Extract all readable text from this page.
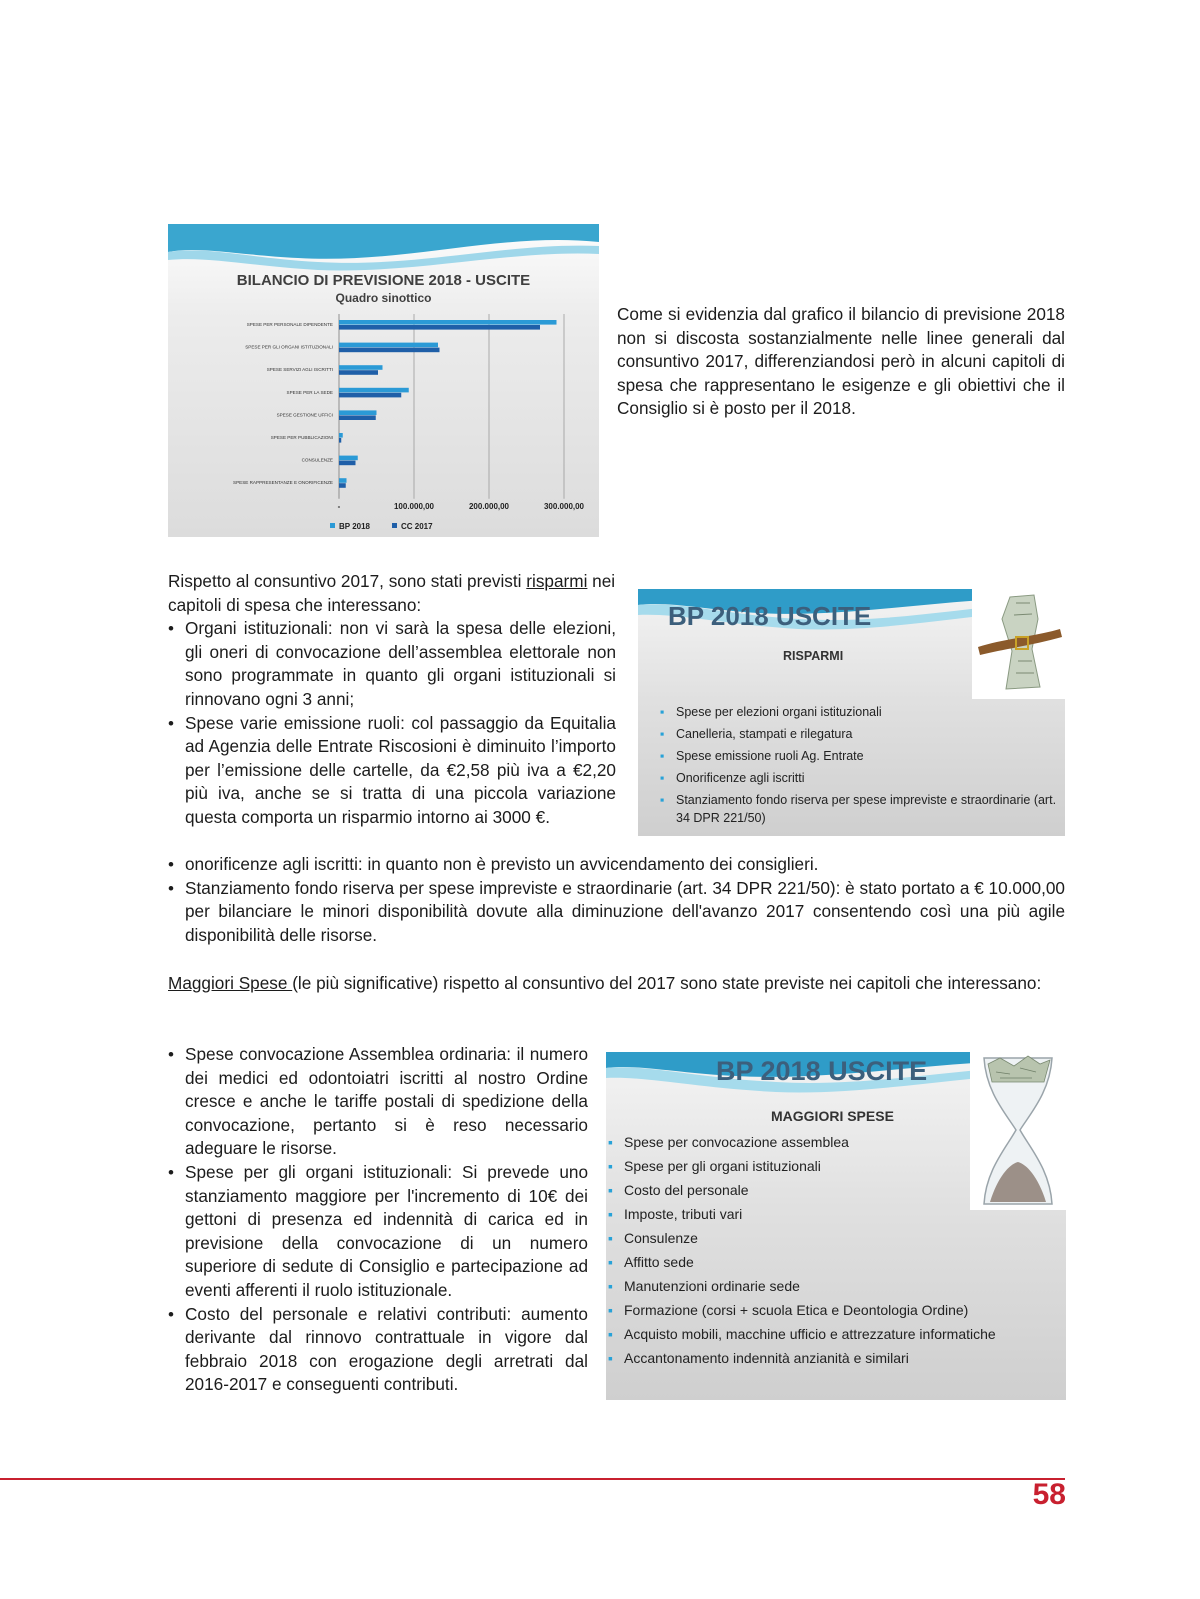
BILANCIO DI PREVISIONE 2018 - USCITE
Quadro sinottico
SPESE PER PERSONALE DIPENDENTE
SPESE PER GLI ORGANI ISTITUZIONALI
SPESE SERVIZI AGLI ISCRITTI
SPESE PER LA SEDE
SPESE GESTIONE UFFICI
SPESE PER PUBBLICAZIONI
CONSULENZE
SPESE RAPPRESENTANZE E ONORIFICENZE
-	100.000,00	200.000,00	300.000,00
BP 2018	CC 2017
Come si evidenzia dal grafico il bilancio di previsione 2018 non si discosta sostanzialmente nelle linee generali dal consuntivo 2017, differenziandosi però in alcuni capitoli di spesa che rappresentano le esigenze e gli obiettivi che il Consiglio si è posto per il 2018.
Rispetto al consuntivo 2017, sono stati previsti risparmi nei capitoli di spesa che interessano:
• Organi istituzionali: non vi sarà la spesa delle elezioni, gli oneri di convocazione dell’assemblea elettorale non sono programmate in quanto gli organi istituzionali si rinnovano ogni 3 anni;
• Spese varie emissione ruoli: col passaggio da Equitalia ad Agenzia delle Entrate Riscosioni è diminuito l’importo per l’emissione delle cartelle, da €2,58 più iva a €2,20 più iva, anche se si tratta di una piccola variazione questa comporta un risparmio intorno ai 3000 €.
• onorificenze agli iscritti: in quanto non è previsto un avvicendamento dei consiglieri.
• Stanziamento fondo riserva per spese impreviste e straordinarie (art. 34 DPR 221/50): è stato portato a € 10.000,00 per bilanciare le minori disponibilità dovute alla diminuzione dell'avanzo 2017 consentendo così una più agile disponibilità delle risorse.
BP 2018 USCITE
RISPARMI
▪ Spese per elezioni organi istituzionali
▪ Canelleria, stampati e rilegatura
▪ Spese emissione ruoli Ag. Entrate
▪ Onorificenze agli iscritti
▪ Stanziamento fondo riserva per spese impreviste e straordinarie (art. 34 DPR 221/50)
Maggiori Spese (le più significative) rispetto al consuntivo del 2017 sono state previste nei capitoli che interessano:
• Spese convocazione Assemblea ordinaria: il numero dei medici ed odontoiatri iscritti al nostro Ordine cresce e anche le tariffe postali di spedizione della convocazione, pertanto si è reso necessario adeguare le risorse.
• Spese per gli organi istituzionali: Si prevede uno stanziamento maggiore per l'incremento di 10€ dei gettoni di presenza ed indennità di carica ed in previsione della convocazione di un numero superiore di sedute di Consiglio e partecipazione ad eventi afferenti il ruolo istituzionale.
• Costo del personale e relativi contributi: aumento derivante dal rinnovo contrattuale in vigore dal febbraio 2018 con erogazione degli arretrati dal 2016-2017 e conseguenti contributi.
BP 2018 USCITE
MAGGIORI SPESE
▪ Spese per convocazione assemblea
▪ Spese per gli organi istituzionali
▪ Costo del personale
▪ Imposte, tributi vari
▪ Consulenze
▪ Affitto sede
▪ Manutenzioni ordinarie sede
▪ Formazione (corsi + scuola Etica e Deontologia Ordine)
▪ Acquisto mobili, macchine ufficio e attrezzature informatiche
▪ Accantonamento indennità anzianità e similari
58
